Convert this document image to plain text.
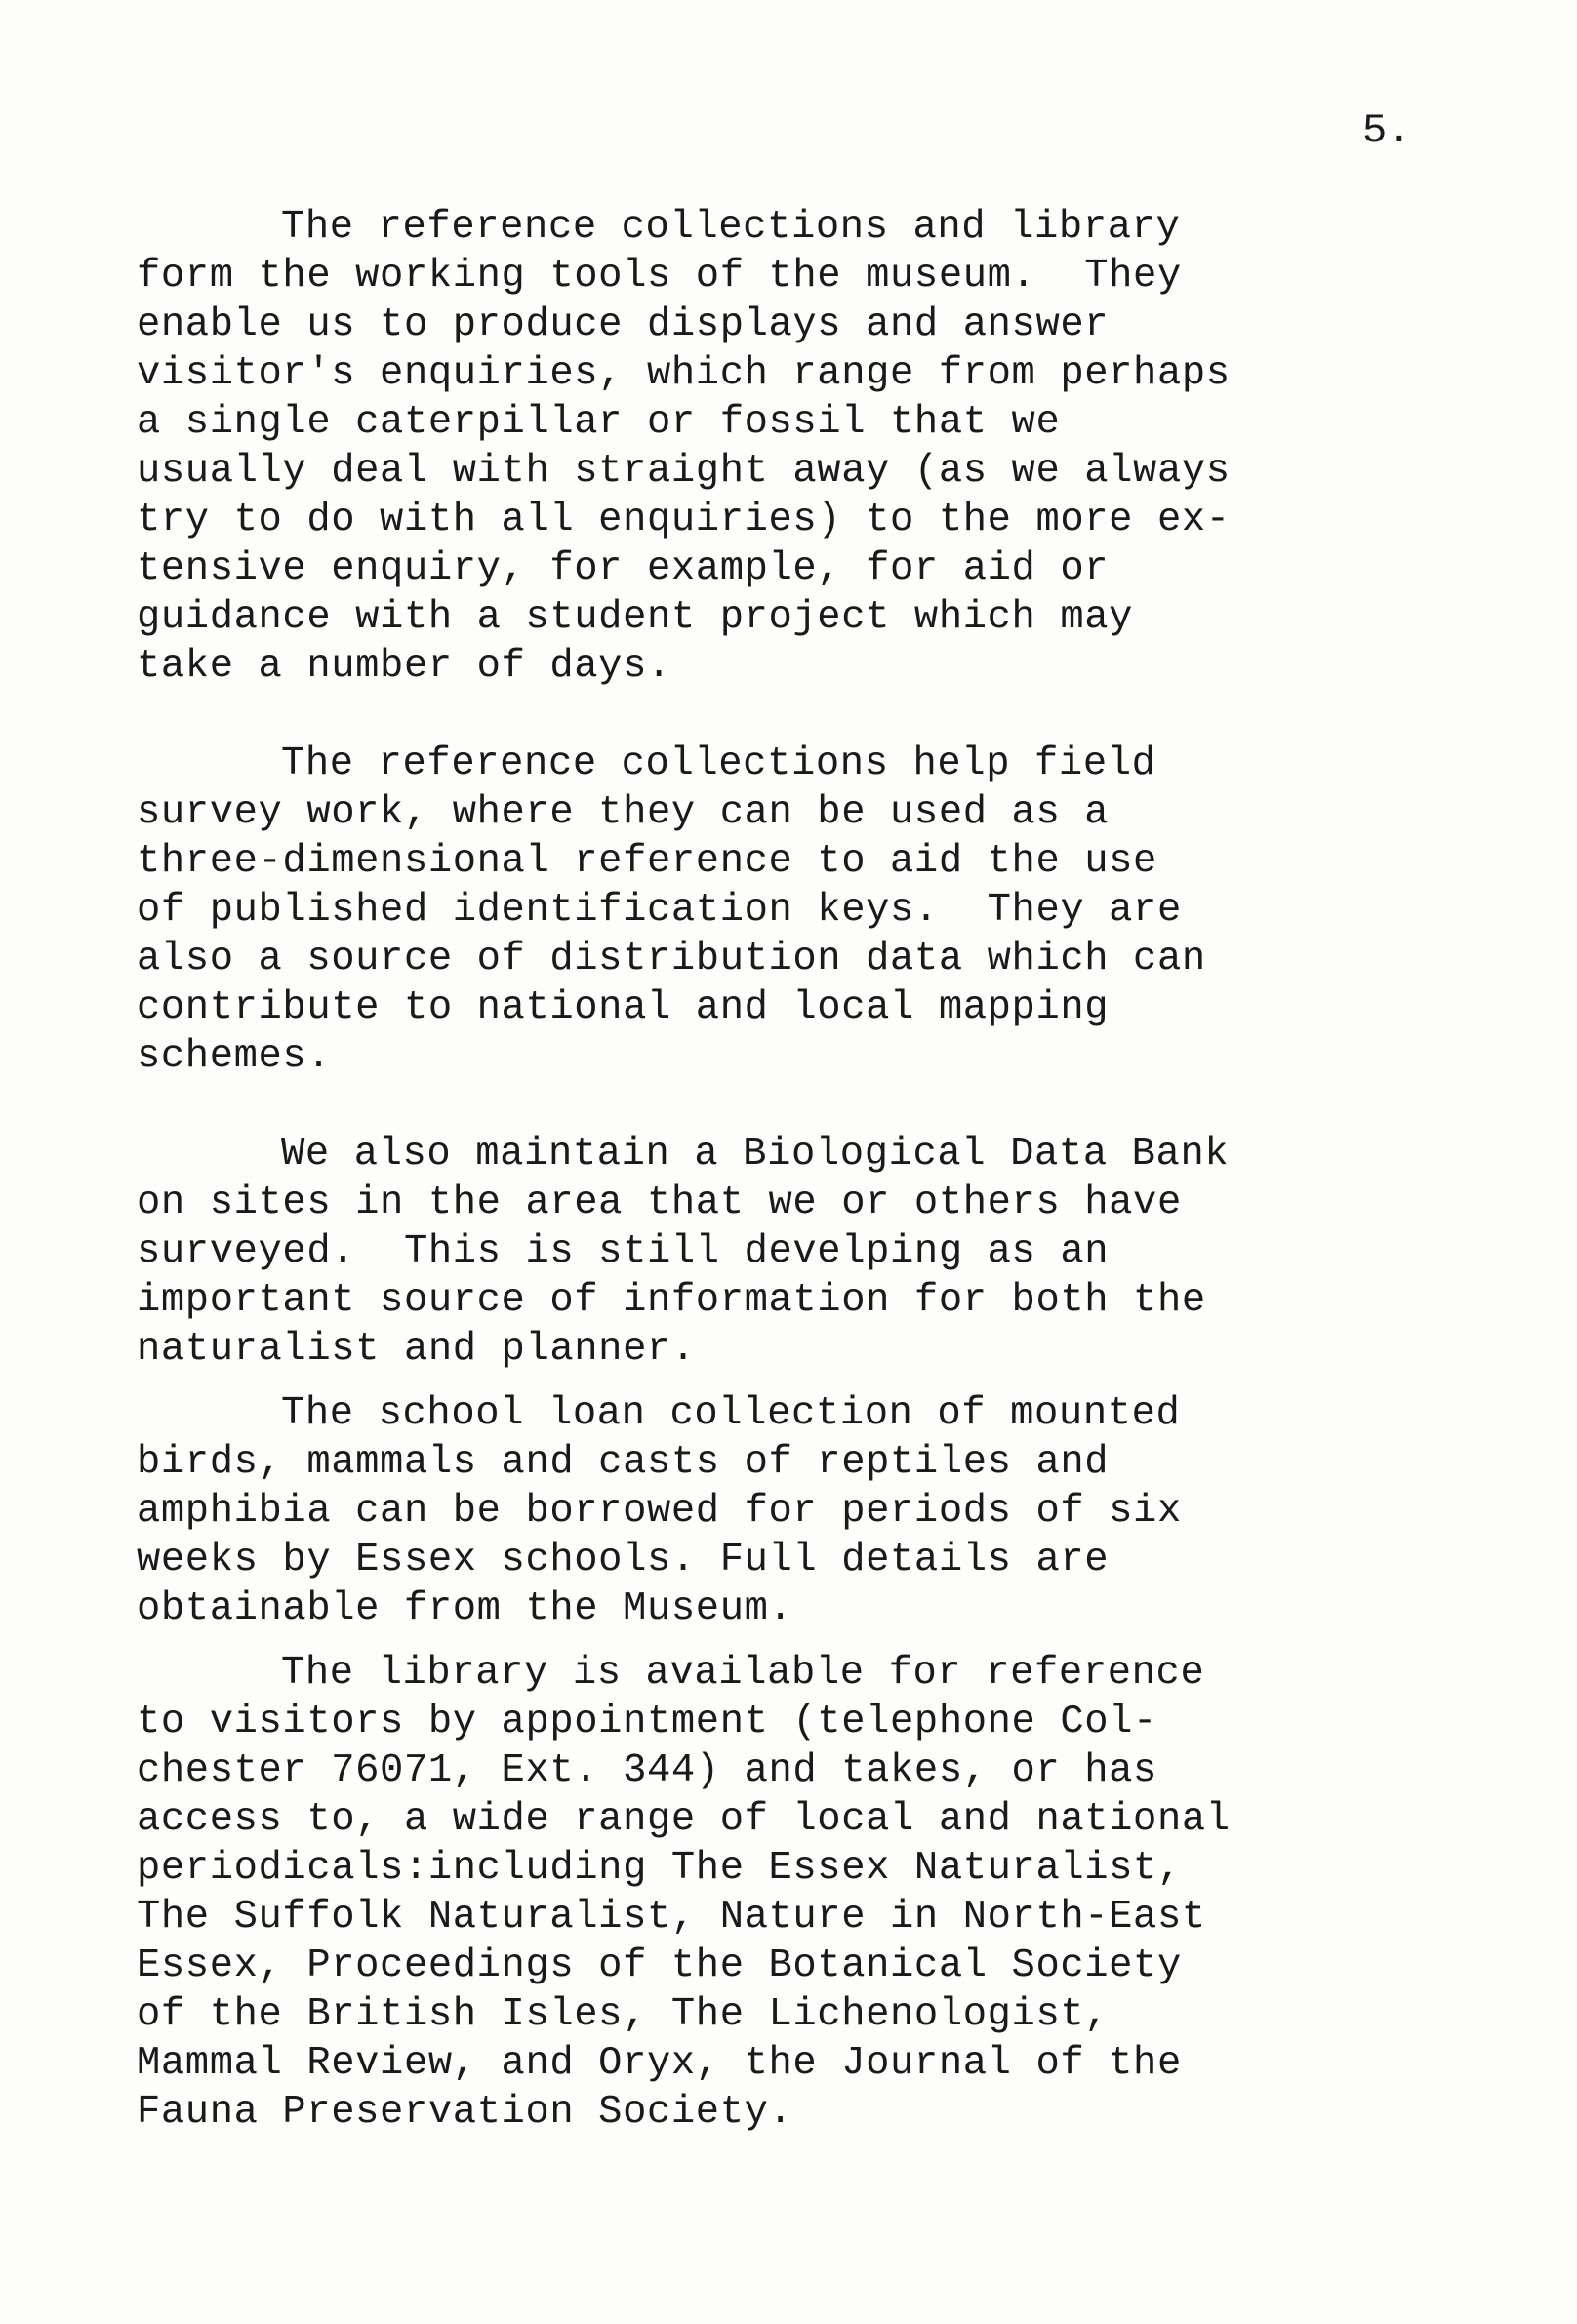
5.

The reference collections and library
form the working tools of the museum.  They
enable us to produce displays and answer
visitor's enquiries, which range from perhaps
a single caterpillar or fossil that we
usually deal with straight away (as we always
try to do with all enquiries) to the more ex-
tensive enquiry, for example, for aid or
guidance with a student project which may
take a number of days.

The reference collections help field
survey work, where they can be used as a
three-dimensional reference to aid the use
of published identification keys.  They are
also a source of distribution data which can
contribute to national and local mapping
schemes.

We also maintain a Biological Data Bank
on sites in the area that we or others have
surveyed.  This is still develping as an
important source of information for both the
naturalist and planner.

The school loan collection of mounted
birds, mammals and casts of reptiles and
amphibia can be borrowed for periods of six
weeks by Essex schools. Full details are
obtainable from the Museum.

The library is available for reference
to visitors by appointment (telephone Col-
chester 76071, Ext. 344) and takes, or has
access to, a wide range of local and national
periodicals:including The Essex Naturalist,
The Suffolk Naturalist, Nature in North-East
Essex, Proceedings of the Botanical Society
of the British Isles, The Lichenologist,
Mammal Review, and Oryx, the Journal of the
Fauna Preservation Society.
